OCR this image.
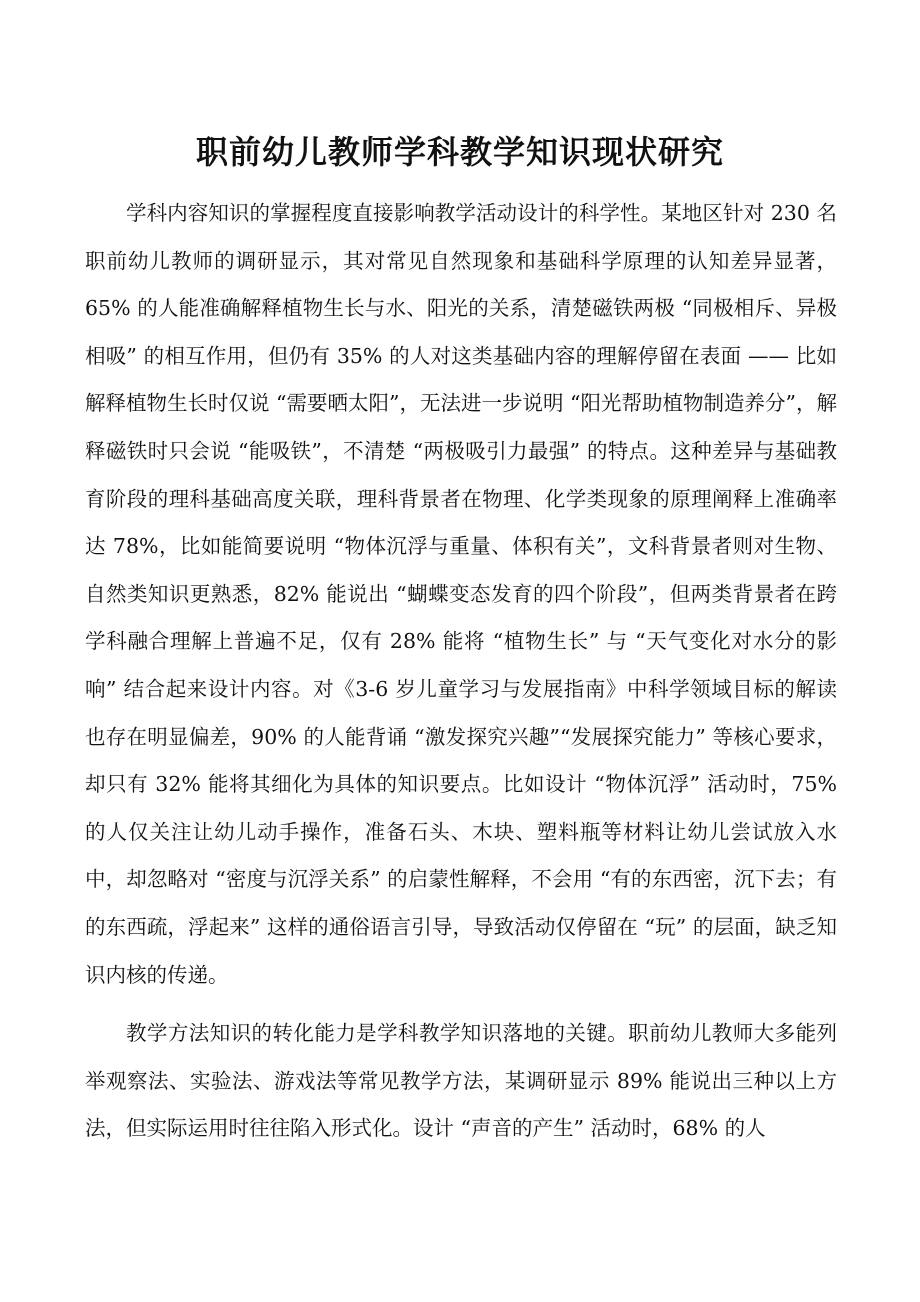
职前幼儿教师学科教学知识现状研究

学科内容知识的掌握程度直接影响教学活动设计的科学性。某地区针对 230 名职前幼儿教师的调研显示，其对常见自然现象和基础科学原理的认知差异显著，65% 的人能准确解释植物生长与水、阳光的关系，清楚磁铁两极 “同极相斥、异极相吸” 的相互作用，但仍有 35% 的人对这类基础内容的理解停留在表面 —— 比如解释植物生长时仅说 “需要晒太阳”，无法进一步说明 “阳光帮助植物制造养分”，解释磁铁时只会说 “能吸铁”，不清楚 “两极吸引力最强” 的特点。这种差异与基础教育阶段的理科基础高度关联，理科背景者在物理、化学类现象的原理阐释上准确率达 78%，比如能简要说明 “物体沉浮与重量、体积有关”，文科背景者则对生物、自然类知识更熟悉，82% 能说出 “蝴蝶变态发育的四个阶段”，但两类背景者在跨学科融合理解上普遍不足，仅有 28% 能将 “植物生长” 与 “天气变化对水分的影响” 结合起来设计内容。对《3-6 岁儿童学习与发展指南》中科学领域目标的解读也存在明显偏差，90% 的人能背诵 “激发探究兴趣”“发展探究能力” 等核心要求，却只有 32% 能将其细化为具体的知识要点。比如设计 “物体沉浮” 活动时，75% 的人仅关注让幼儿动手操作，准备石头、木块、塑料瓶等材料让幼儿尝试放入水中，却忽略对 “密度与沉浮关系” 的启蒙性解释，不会用 “有的东西密，沉下去；有的东西疏，浮起来” 这样的通俗语言引导，导致活动仅停留在 “玩” 的层面，缺乏知识内核的传递。

教学方法知识的转化能力是学科教学知识落地的关键。职前幼儿教师大多能列举观察法、实验法、游戏法等常见教学方法，某调研显示 89% 能说出三种以上方法，但实际运用时往往陷入形式化。设计 “声音的产生” 活动时，68% 的人
